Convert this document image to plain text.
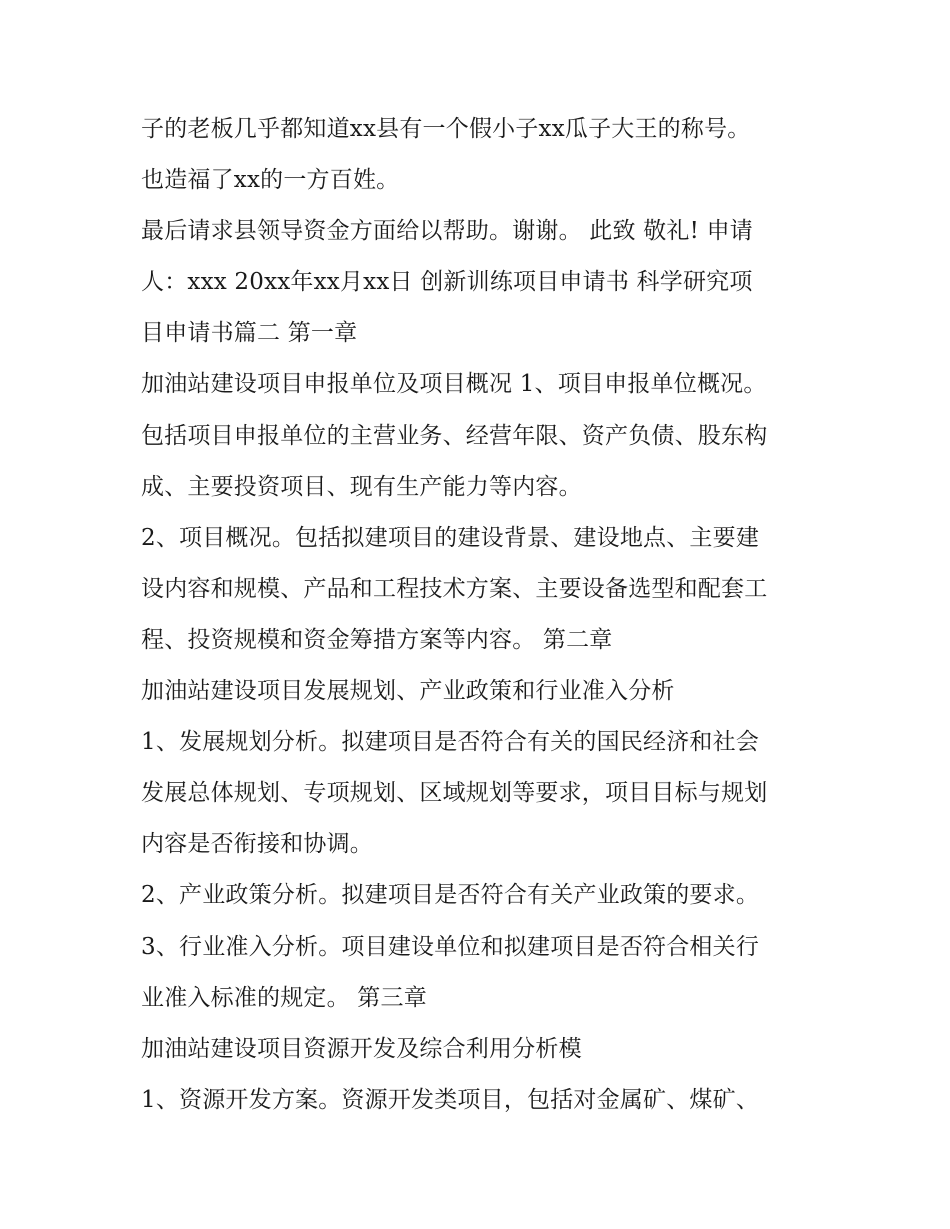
子的老板几乎都知道xx县有一个假小子xx瓜子大王的称号。

也造福了xx的一方百姓。

最后请求县领导资金方面给以帮助。谢谢。 此致 敬礼! 申请

人：xxx 20xx年xx月xx日 创新训练项目申请书 科学研究项

目申请书篇二 第一章

加油站建设项目申报单位及项目概况 1、项目申报单位概况。

包括项目申报单位的主营业务、经营年限、资产负债、股东构

成、主要投资项目、现有生产能力等内容。

2、项目概况。包括拟建项目的建设背景、建设地点、主要建

设内容和规模、产品和工程技术方案、主要设备选型和配套工

程、投资规模和资金筹措方案等内容。 第二章

加油站建设项目发展规划、产业政策和行业准入分析

1、发展规划分析。拟建项目是否符合有关的国民经济和社会

发展总体规划、专项规划、区域规划等要求，项目目标与规划

内容是否衔接和协调。

2、产业政策分析。拟建项目是否符合有关产业政策的要求。

3、行业准入分析。项目建设单位和拟建项目是否符合相关行

业准入标准的规定。 第三章

加油站建设项目资源开发及综合利用分析模

1、资源开发方案。资源开发类项目，包括对金属矿、煤矿、
